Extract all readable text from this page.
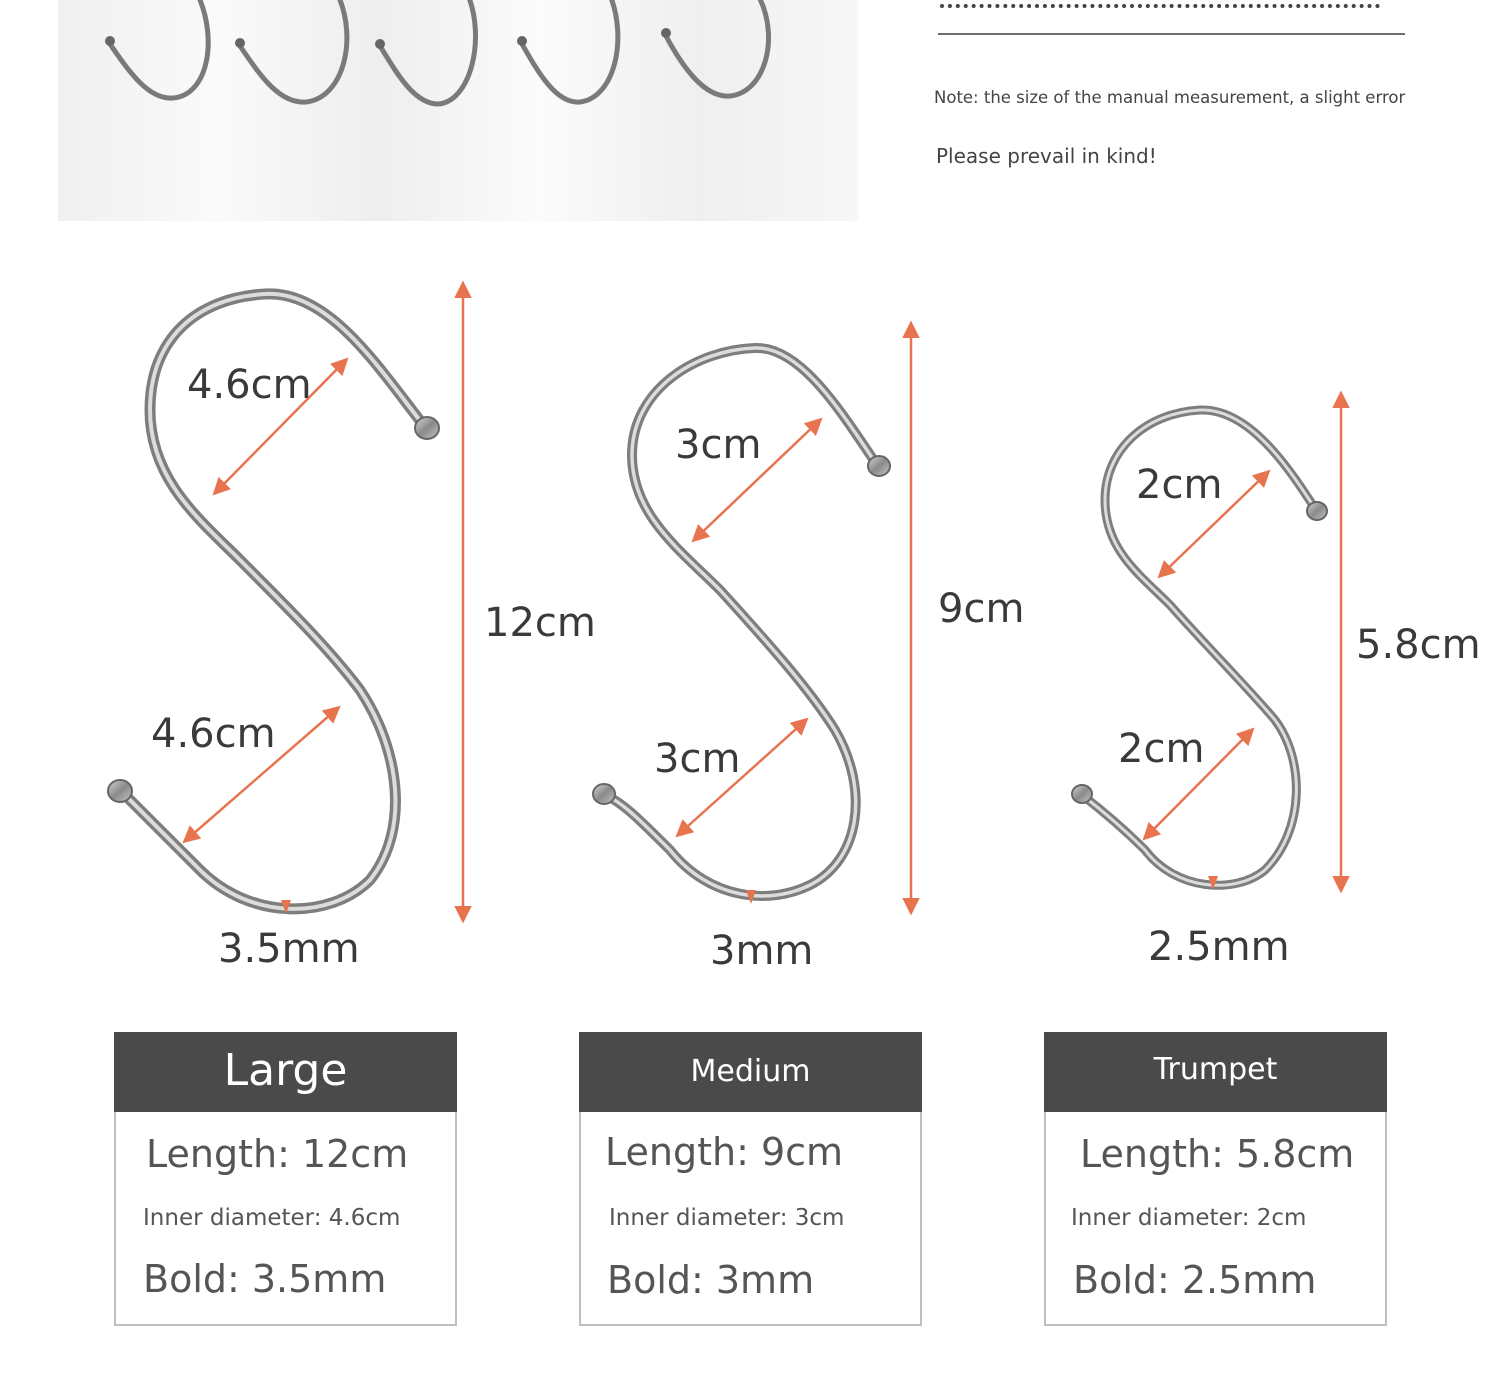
Note: the size of the manual measurement, a slight error
Please prevail in kind!
4.6cm
4.6cm
12cm
3.5mm
3cm
3cm
9cm
3mm
2cm
2cm
5.8cm
2.5mm
Large
Length: 12cm
Inner diameter: 4.6cm
Bold: 3.5mm
Medium
Length: 9cm
Inner diameter: 3cm
Bold: 3mm
Trumpet
Length: 5.8cm
Inner diameter: 2cm
Bold: 2.5mm
